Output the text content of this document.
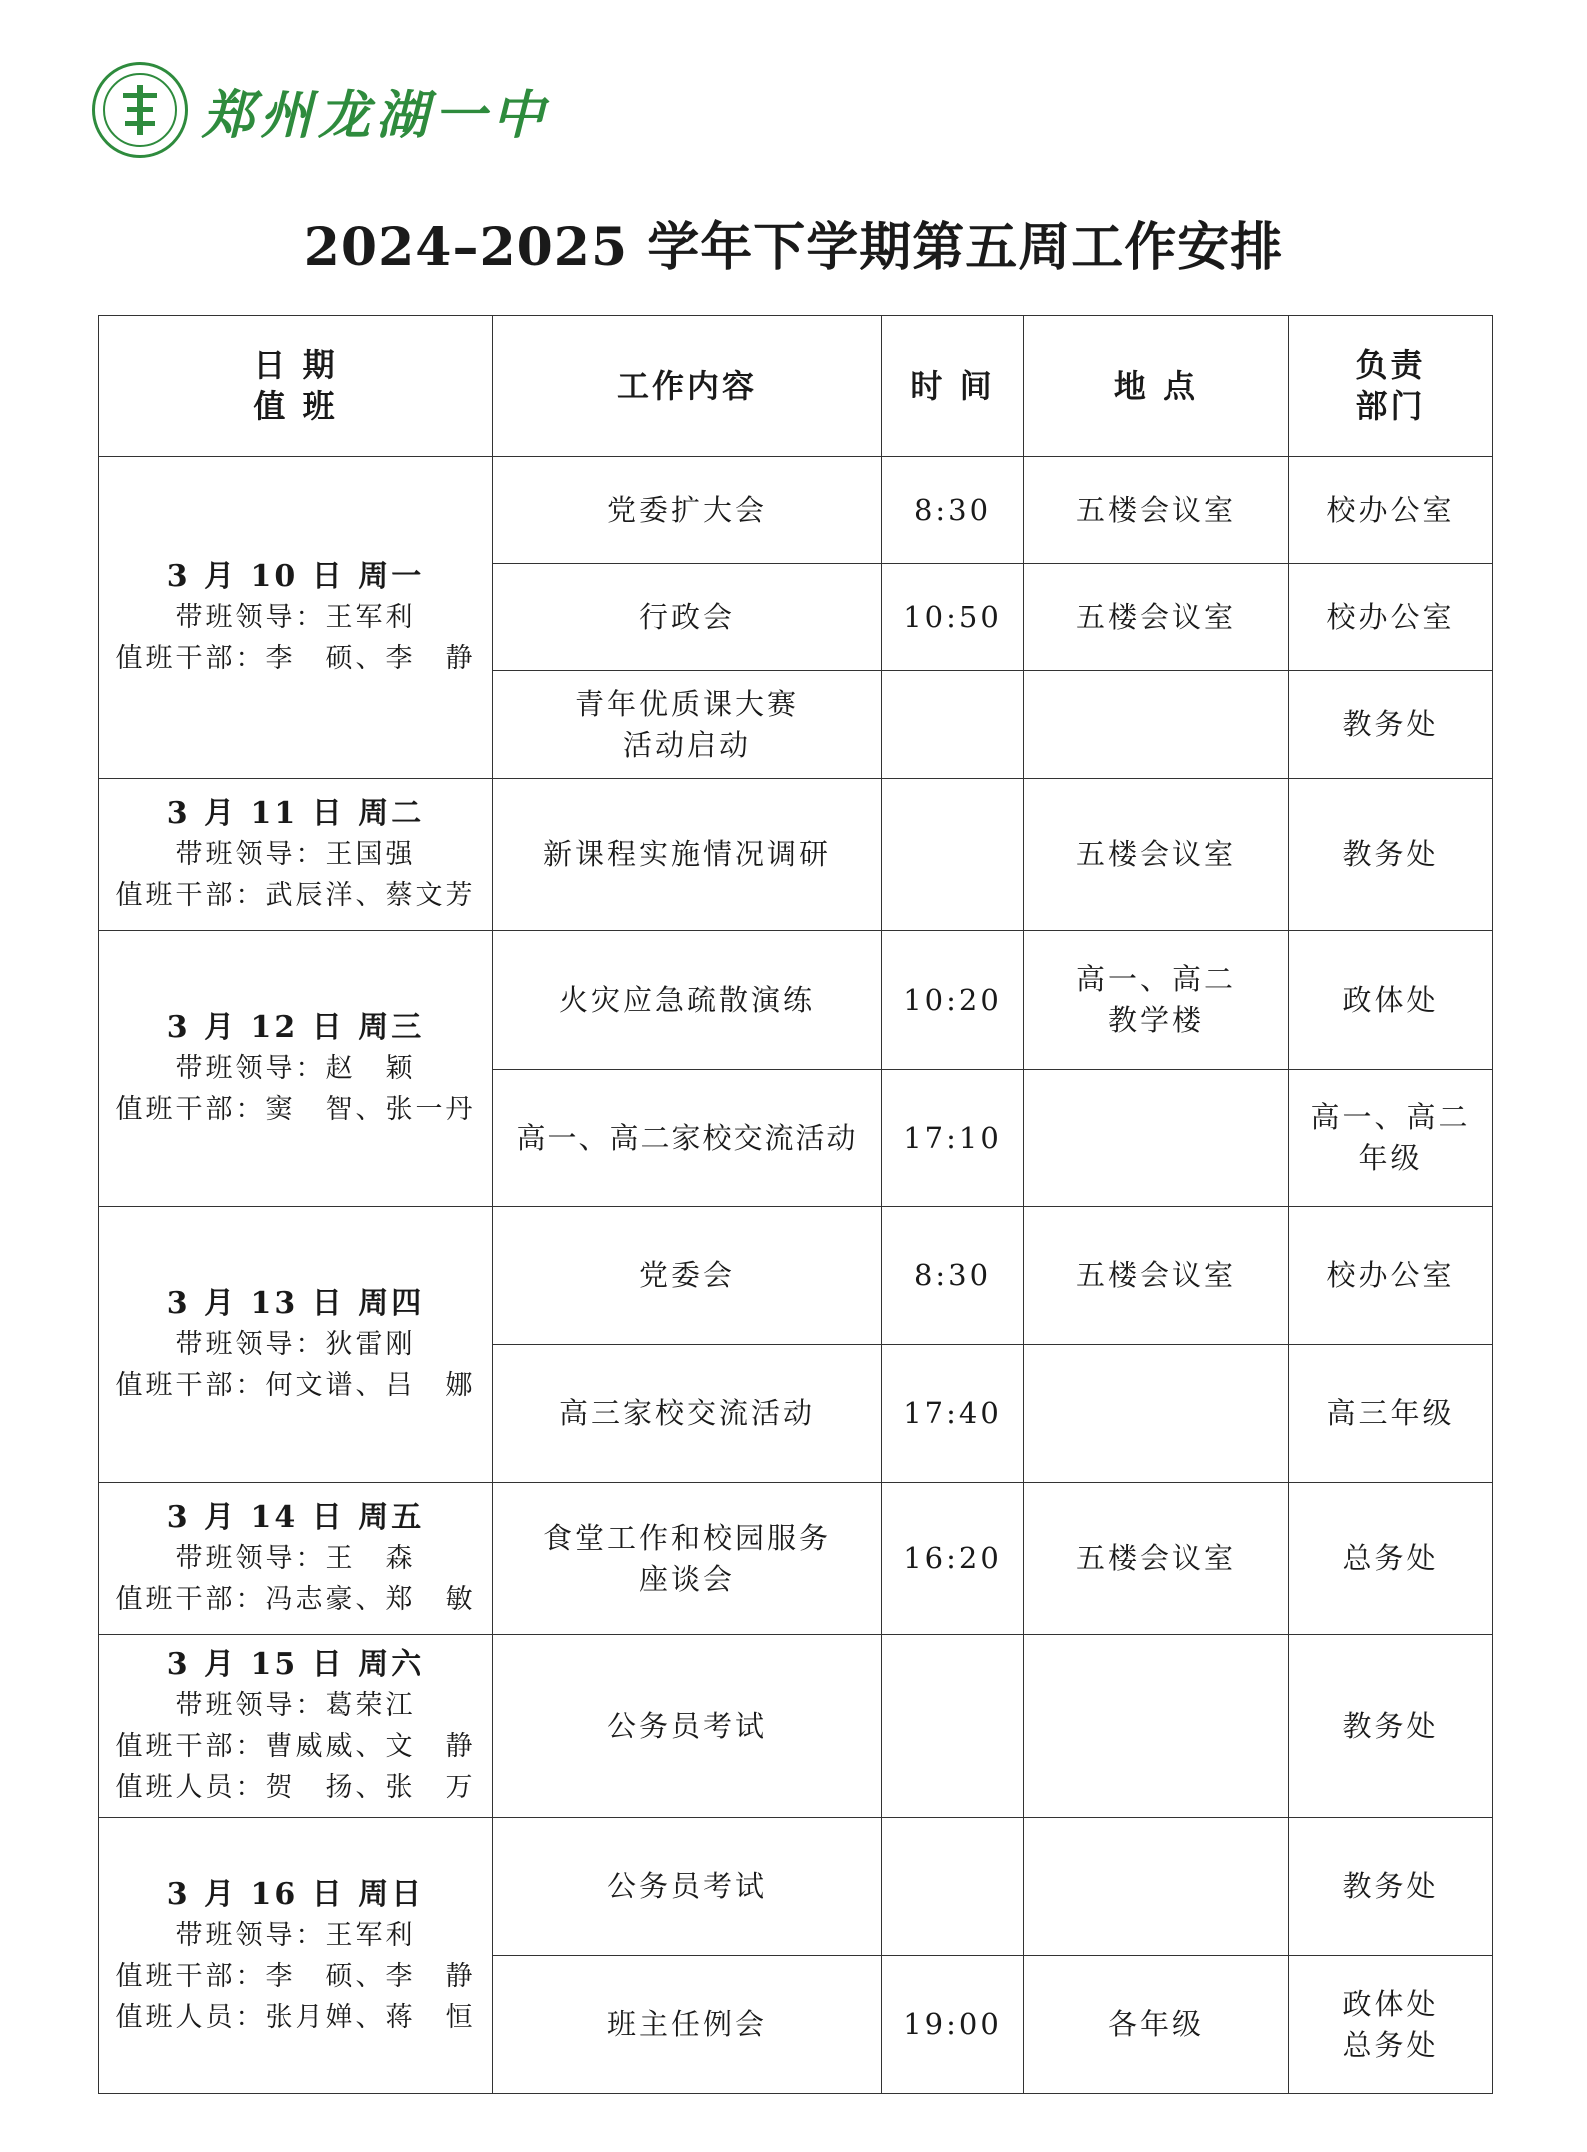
郑州龙湖一中
2024–2025 学年下学期第五周工作安排
日 期
值 班	工作内容	时 间	地 点	负责
部门

3 月 10 日 周一
带班领导：王军利
值班干部：李　硕、李　静	党委扩大会	8:30	五楼会议室	校办公室
	行政会	10:50	五楼会议室	校办公室

	青年优质课大赛
活动启动			教务处

3 月 11 日 周二
带班领导：王国强
值班干部：武辰洋、蔡文芳	新课程实施情况调研		五楼会议室	教务处

3 月 12 日 周三
带班领导：赵　颖
值班干部：窦　智、张一丹	火灾应急疏散演练	10:20	高一、高二
教学楼	政体处
	高一、高二家校交流活动	17:10		高一、高二
年级

3 月 13 日 周四
带班领导：狄雷刚
值班干部：何文谱、吕　娜	党委会	8:30	五楼会议室	校办公室
	高三家校交流活动	17:40		高三年级

3 月 14 日 周五
带班领导：王　森
值班干部：冯志豪、郑　敏	食堂工作和校园服务
座谈会	16:20	五楼会议室	总务处

3 月 15 日 周六
带班领导：葛荣江
值班干部：曹威威、文　静
值班人员：贺　扬、张　万	公务员考试			教务处

3 月 16 日 周日
带班领导：王军利
值班干部：李　硕、李　静
值班人员：张月婵、蒋　恒	公务员考试			教务处
	班主任例会	19:00	各年级	政体处
总务处
